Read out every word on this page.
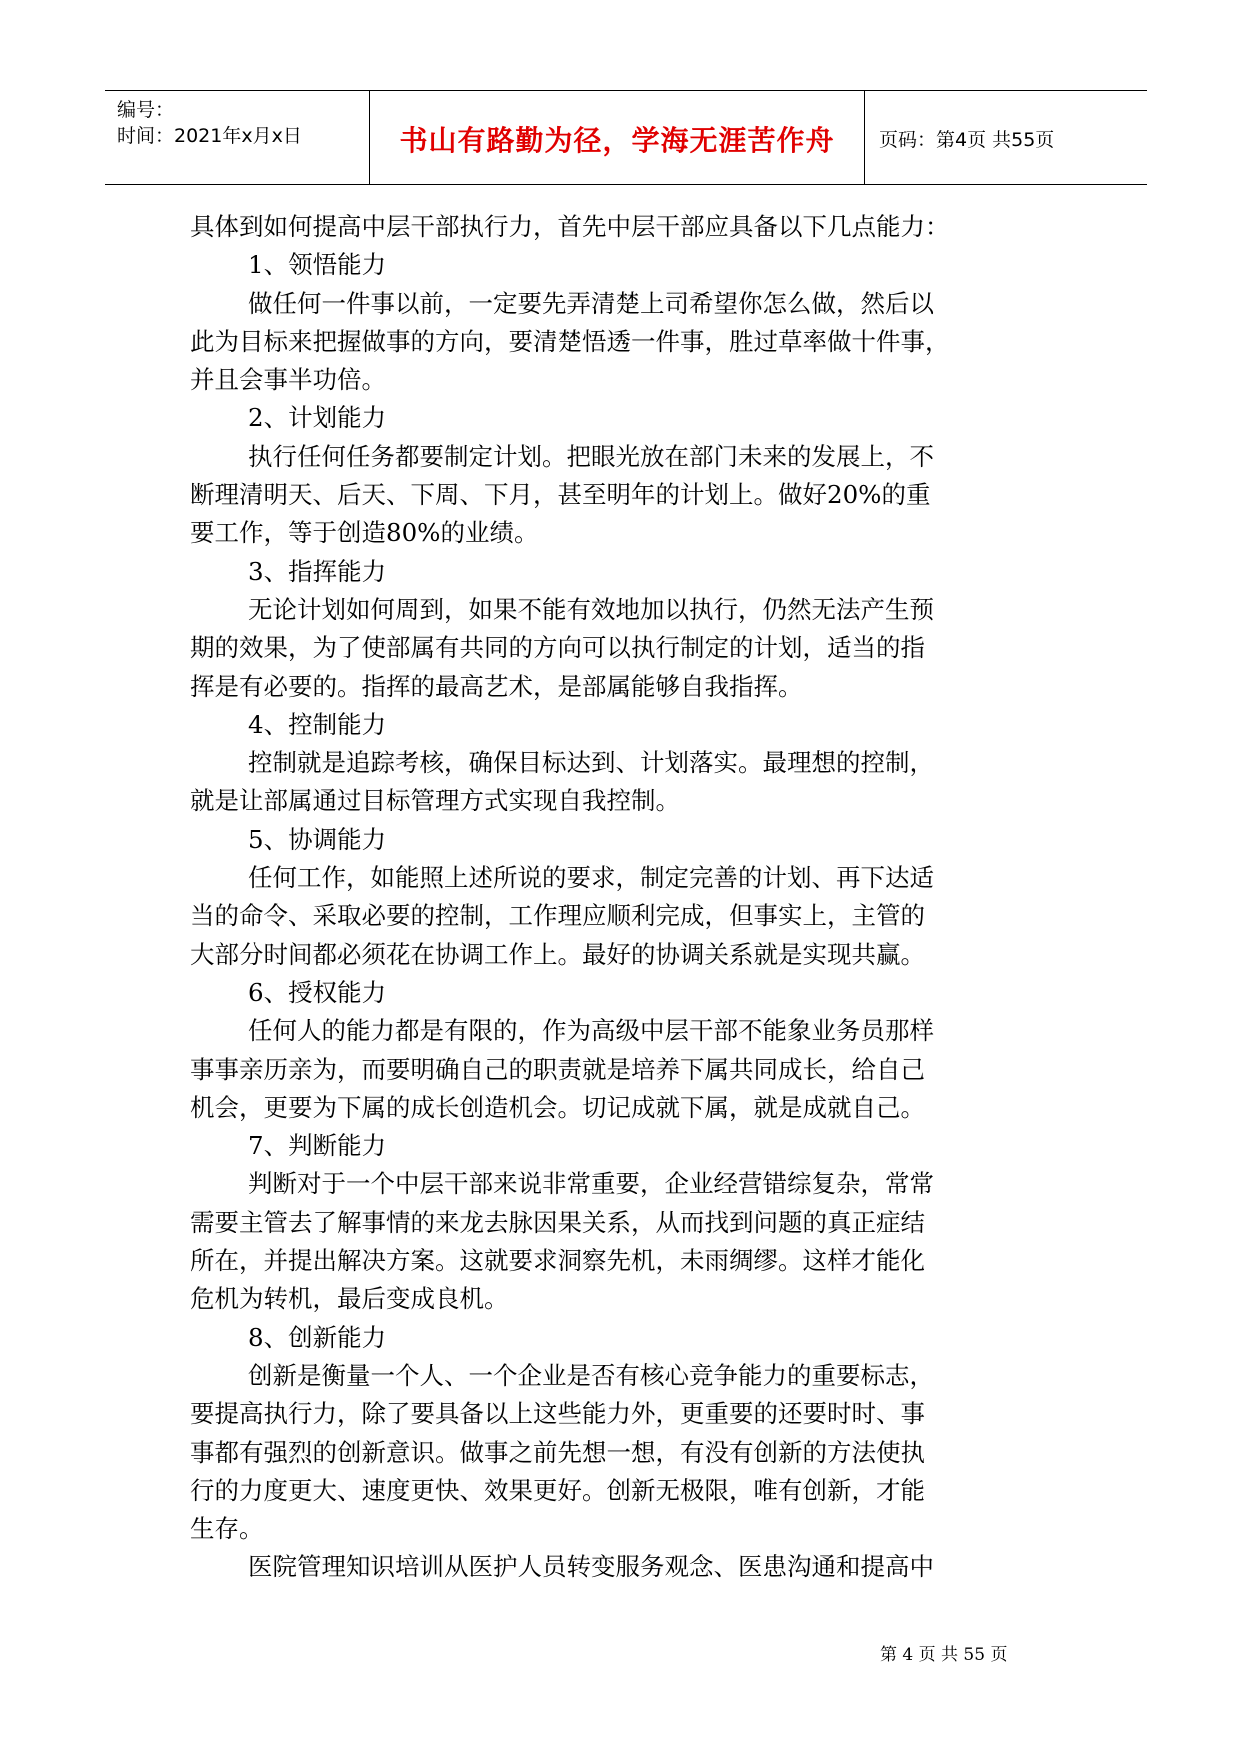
编号：
时间：2021年x月x日	书山有路勤为径，学海无涯苦作舟	页码：第4页 共55页
具体到如何提高中层干部执行力，首先中层干部应具备以下几点能力：
1、领悟能力
做任何一件事以前，一定要先弄清楚上司希望你怎么做，然后以
此为目标来把握做事的方向，要清楚悟透一件事，胜过草率做十件事，
并且会事半功倍。
2、计划能力
执行任何任务都要制定计划。把眼光放在部门未来的发展上，不
断理清明天、后天、下周、下月，甚至明年的计划上。做好20%的重
要工作，等于创造80%的业绩。
3、指挥能力
无论计划如何周到，如果不能有效地加以执行，仍然无法产生预
期的效果，为了使部属有共同的方向可以执行制定的计划，适当的指
挥是有必要的。指挥的最高艺术，是部属能够自我指挥。
4、控制能力
控制就是追踪考核，确保目标达到、计划落实。最理想的控制，
就是让部属通过目标管理方式实现自我控制。
5、协调能力
任何工作，如能照上述所说的要求，制定完善的计划、再下达适
当的命令、采取必要的控制，工作理应顺利完成，但事实上，主管的
大部分时间都必须花在协调工作上。最好的协调关系就是实现共赢。
6、授权能力
任何人的能力都是有限的，作为高级中层干部不能象业务员那样
事事亲历亲为，而要明确自己的职责就是培养下属共同成长，给自己
机会，更要为下属的成长创造机会。切记成就下属，就是成就自己。
7、判断能力
判断对于一个中层干部来说非常重要，企业经营错综复杂，常常
需要主管去了解事情的来龙去脉因果关系，从而找到问题的真正症结
所在，并提出解决方案。这就要求洞察先机，未雨绸缪。这样才能化
危机为转机，最后变成良机。
8、创新能力
创新是衡量一个人、一个企业是否有核心竞争能力的重要标志，
要提高执行力，除了要具备以上这些能力外，更重要的还要时时、事
事都有强烈的创新意识。做事之前先想一想，有没有创新的方法使执
行的力度更大、速度更快、效果更好。创新无极限，唯有创新，才能
生存。
医院管理知识培训从医护人员转变服务观念、医患沟通和提高中
第 4 页 共 55 页
